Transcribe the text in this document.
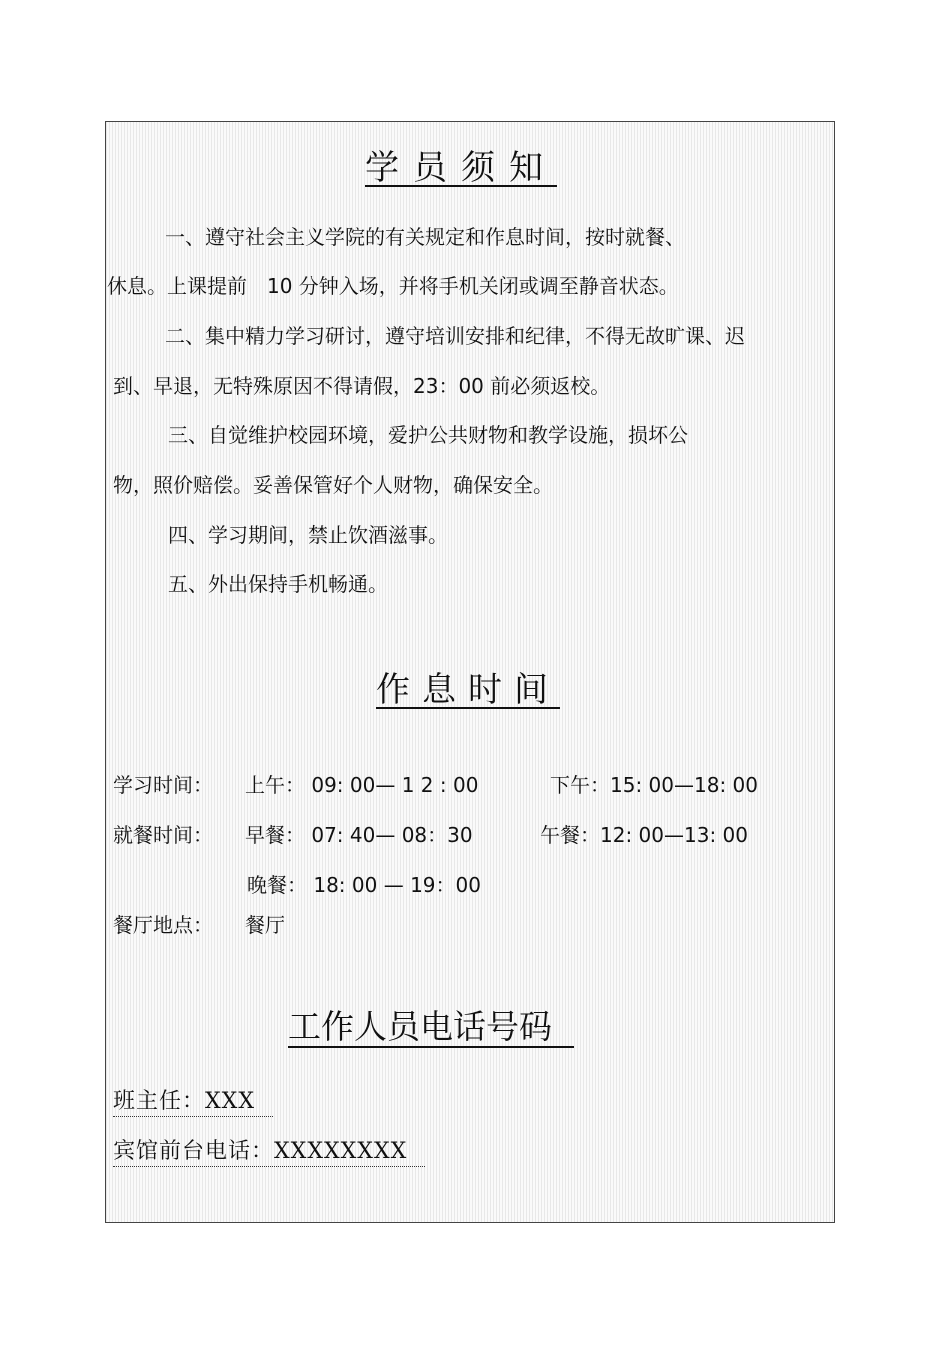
学员须知
一、遵守社会主义学院的有关规定和作息时间，按时就餐、
休息。上课提前　10 分钟入场，并将手机关闭或调至静音状态。
二、集中精力学习研讨，遵守培训安排和纪律，不得无故旷课、迟
到、早退，无特殊原因不得请假，23：00 前必须返校。
三、自觉维护校园环境，爱护公共财物和教学设施，损坏公
物，照价赔偿。妥善保管好个人财物，确保安全。
四、学习期间，禁止饮酒滋事。
五、外出保持手机畅通。
作息时间
学习时间： 上午： 09: 00— 1 2 : 00	下午：15: 00—18: 00
就餐时间： 早餐： 07: 40— 08：30	午餐：12: 00—13: 00
晚餐： 18: 00 — 19：00
餐厅地点： 餐厅
工作人员电话号码
班主任：XXX
宾馆前台电话：XXXXXXXX
